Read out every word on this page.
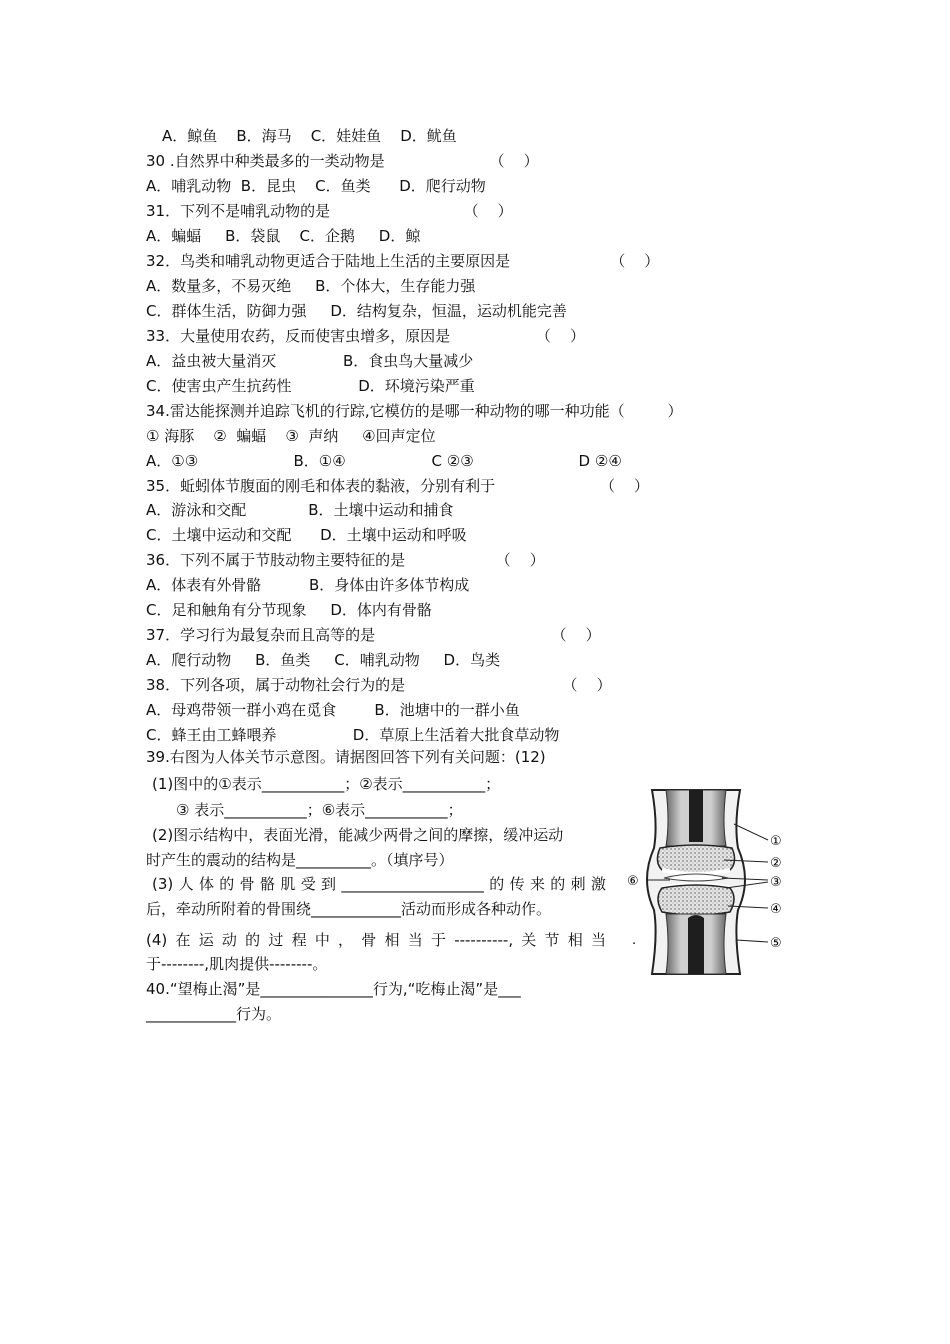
A．鲸鱼    B．海马    C．娃娃鱼    D．鱿鱼
30 .自然界中种类最多的一类动物是                      （    ）
A．哺乳动物  B．昆虫    C．鱼类      D．爬行动物
31．下列不是哺乳动物的是                            （    ）
A．蝙蝠     B．袋鼠    C．企鹅     D．鲸
32．鸟类和哺乳动物更适合于陆地上生活的主要原因是                     （    ）
A．数量多，不易灭绝     B．个体大，生存能力强
C．群体生活，防御力强     D．结构复杂，恒温，运动机能完善
33．大量使用农药，反而使害虫增多，原因是                  （    ）
A．益虫被大量消灭              B．食虫鸟大量减少
C．使害虫产生抗药性              D．环境污染严重
34.雷达能探测并追踪飞机的行踪,它模仿的是哪一种动物的哪一种功能（         ）
① 海豚    ②  蝙蝠    ③  声纳     ④回声定位
A．①③                    B．①④                  C ②③                      D ②④
35．蚯蚓体节腹面的刚毛和体表的黏液，分别有利于                      （    ）
A．游泳和交配             B．土壤中运动和捕食
C．土壤中运动和交配      D．土壤中运动和呼吸
36．下列不属于节肢动物主要特征的是                   （    ）
A．体表有外骨骼          B．身体由许多体节构成
C．足和触角有分节现象     D．体内有骨骼
37．学习行为最复杂而且高等的是                                     （    ）
A．爬行动物     B．鱼类     C．哺乳动物     D．鸟类
38．下列各项，属于动物社会行为的是                                 （    ）
A．母鸡带领一群小鸡在觅食        B．池塘中的一群小鱼
C．蜂王由工蜂喂养                D．草原上生活着大批食草动物
39.右图为人体关节示意图。请据图回答下列有关问题：(12)
(1)图中的①表示___________；②表示___________；
③ 表示___________；⑥表示___________；
(2)图示结构中，表面光滑，能减少两骨之间的摩擦，缓冲运动
时产生的震动的结构是__________。（填序号）
(3)人体的骨骼肌受到___________________的传来的刺激
后，牵动所附着的骨围绕____________活动而形成各种动作。
(4)在运动的过程中，骨相当于----------,关节相当
于--------,肌肉提供--------。
40.“望梅止渴”是_______________行为,“吃梅止渴”是___
____________行为。
①
②
③
④
⑤
⑥
.
